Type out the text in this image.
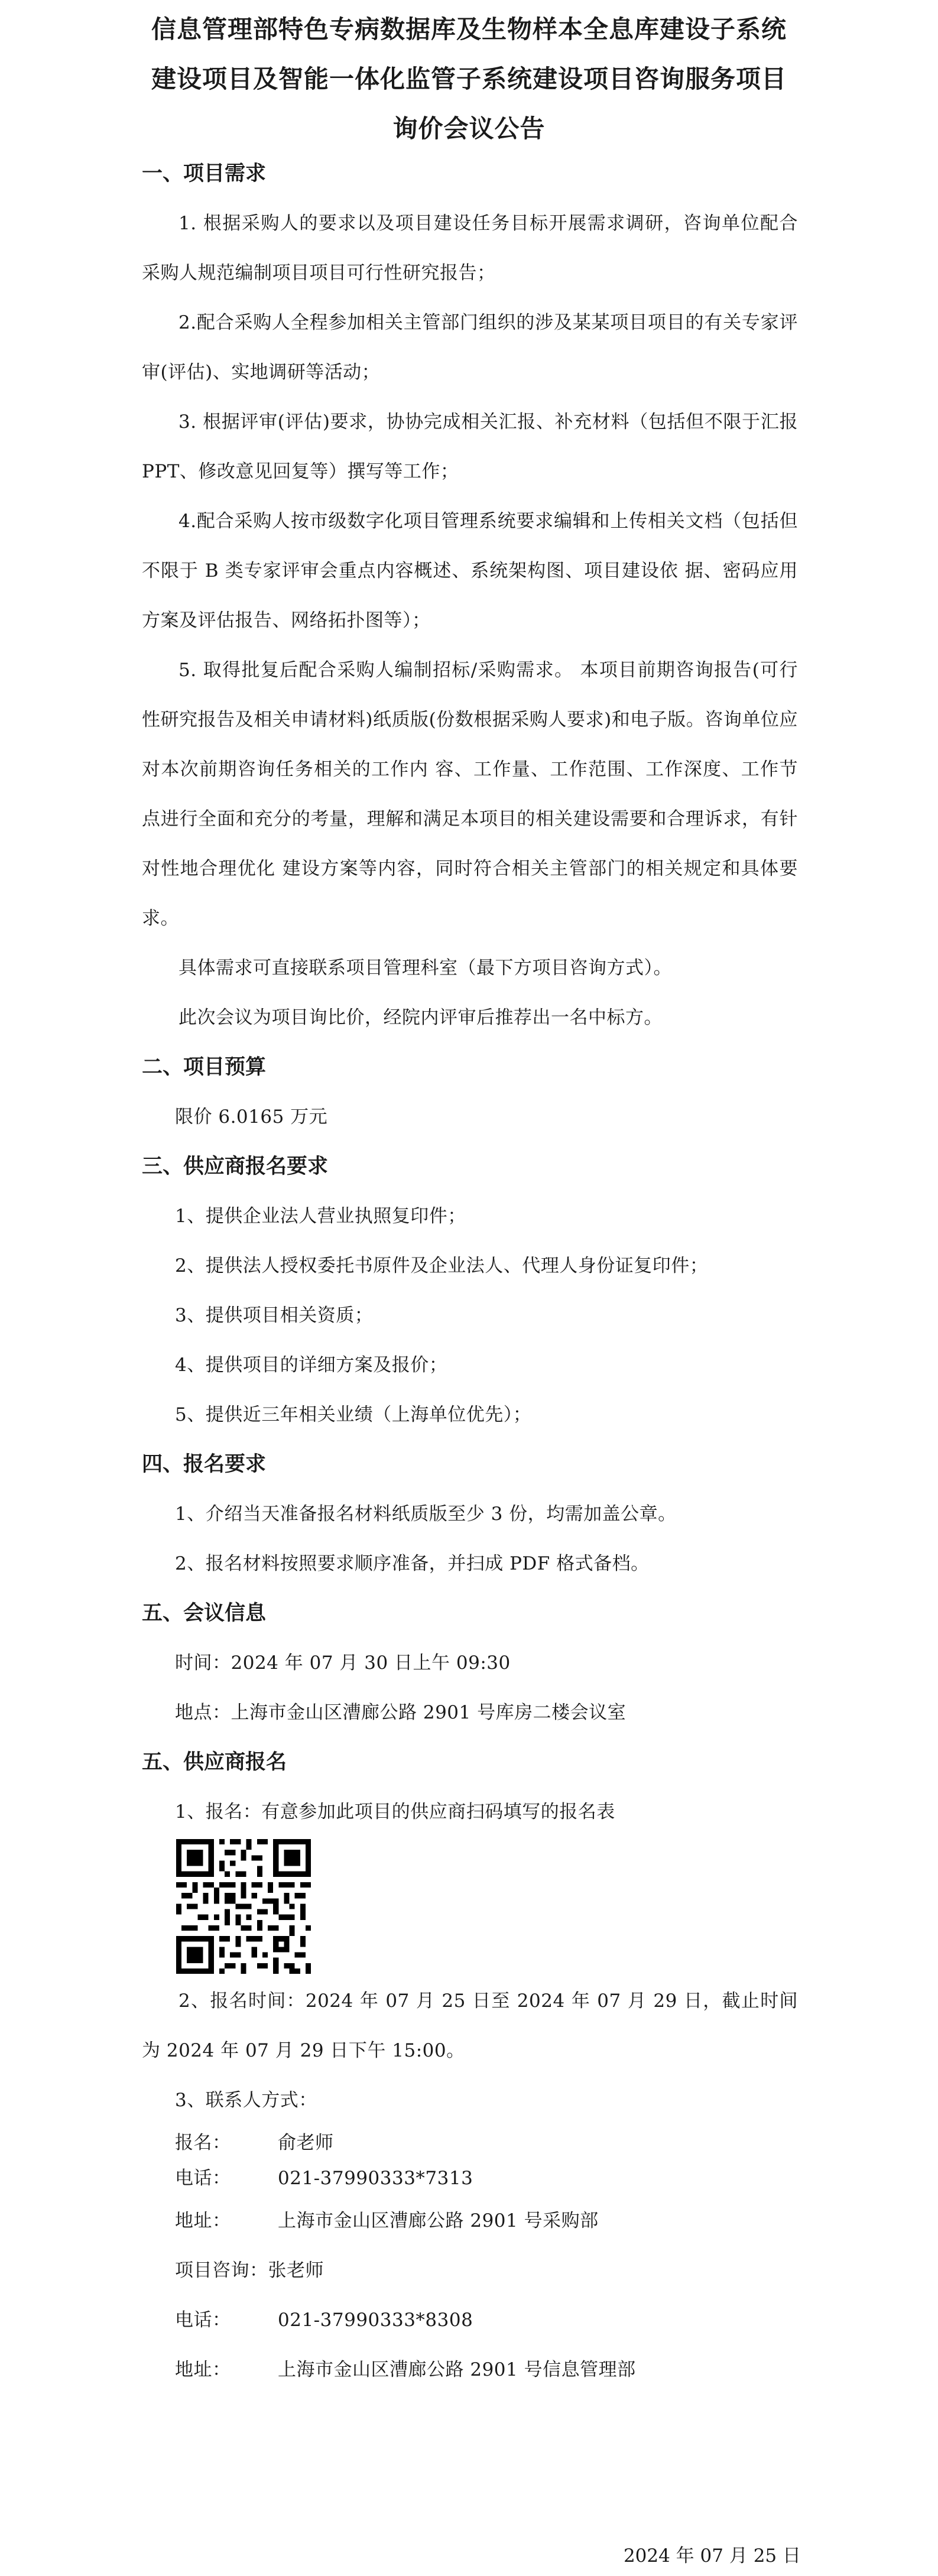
信息管理部特色专病数据库及生物样本全息库建设子系统
建设项目及智能一体化监管子系统建设项目咨询服务项目
询价会议公告
一、项目需求
1. 根据采购人的要求以及项目建设任务目标开展需求调研，咨询单位配合采购人规范编制项目项目可行性研究报告；
2.配合采购人全程参加相关主管部门组织的涉及某某项目项目的有关专家评审(评估)、实地调研等活动；
3. 根据评审(评估)要求，协协完成相关汇报、补充材料（包括但不限于汇报 PPT、修改意见回复等）撰写等工作；
4.配合采购人按市级数字化项目管理系统要求编辑和上传相关文档（包括但不限于 B 类专家评审会重点内容概述、系统架构图、项目建设依 据、密码应用方案及评估报告、网络拓扑图等）；
5. 取得批复后配合采购人编制招标/采购需求。 本项目前期咨询报告(可行性研究报告及相关申请材料)纸质版(份数根据采购人要求)和电子版。咨询单位应对本次前期咨询任务相关的工作内 容、工作量、工作范围、工作深度、工作节点进行全面和充分的考量，理解和满足本项目的相关建设需要和合理诉求，有针对性地合理优化 建设方案等内容，同时符合相关主管部门的相关规定和具体要求。
具体需求可直接联系项目管理科室（最下方项目咨询方式）。
此次会议为项目询比价，经院内评审后推荐出一名中标方。
二、项目预算
限价 6.0165 万元
三、供应商报名要求
1、提供企业法人营业执照复印件；
2、提供法人授权委托书原件及企业法人、代理人身份证复印件；
3、提供项目相关资质；
4、提供项目的详细方案及报价；
5、提供近三年相关业绩（上海单位优先）；
四、报名要求
1、介绍当天准备报名材料纸质版至少 3 份，均需加盖公章。
2、报名材料按照要求顺序准备，并扫成 PDF 格式备档。
五、会议信息
时间：2024 年 07 月 30 日上午 09:30
地点：上海市金山区漕廊公路 2901 号库房二楼会议室
五、供应商报名
1、报名：有意参加此项目的供应商扫码填写的报名表
2、报名时间：2024 年 07 月 25 日至 2024 年 07 月 29 日，截止时间为 2024 年 07 月 29 日下午 15:00。
3、联系人方式：
报名：	俞老师
电话：	021-37990333*7313
地址：	上海市金山区漕廊公路 2901 号采购部
项目咨询：张老师
电话：	021-37990333*8308
地址：	上海市金山区漕廊公路 2901 号信息管理部
2024 年 07 月 25 日
